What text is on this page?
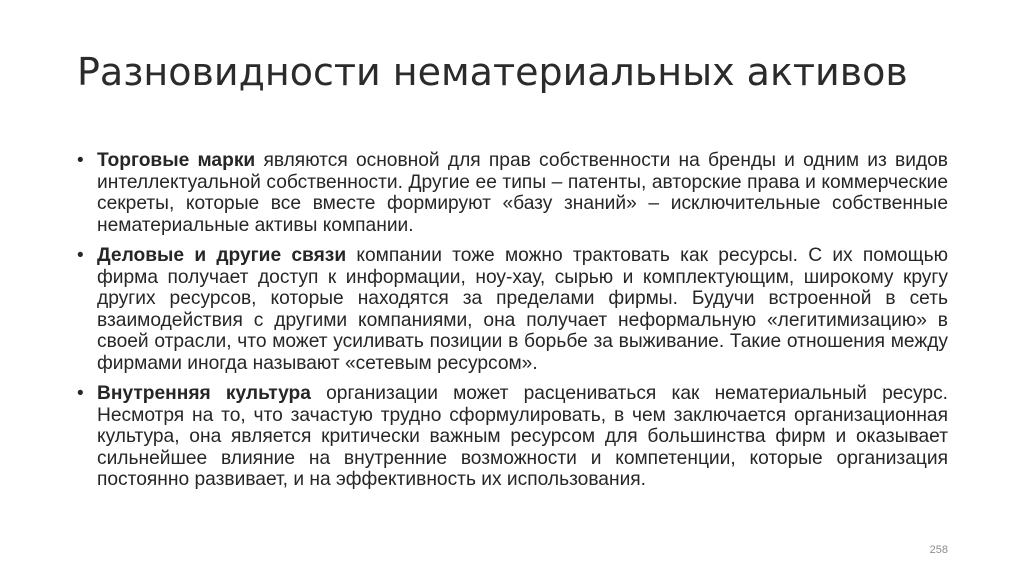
Разновидности нематериальных активов
• Торговые марки являются основной для прав собственности на бренды и одним из видов интеллектуальной собственности. Другие ее типы – патенты, авторские права и коммерческие секреты, которые все вместе формируют «базу знаний» – исключительные собственные нематериальные активы компании.
• Деловые и другие связи компании тоже можно трактовать как ресурсы. С их помощью фирма получает доступ к информации, ноу-хау, сырью и комплектующим, широкому кругу других ресурсов, которые находятся за пределами фирмы. Будучи встроенной в сеть взаимодействия с другими компаниями, она получает неформальную «легитимизацию» в своей отрасли, что может усиливать позиции в борьбе за выживание. Такие отношения между фирмами иногда называют «сетевым ресурсом».
• Внутренняя культура организации может расцениваться как нематериальный ресурс. Несмотря на то, что зачастую трудно сформулировать, в чем заключается организационная культура, она является критически важным ресурсом для большинства фирм и оказывает сильнейшее влияние на внутренние возможности и компетенции, которые организация постоянно развивает, и на эффективность их использования.
258
